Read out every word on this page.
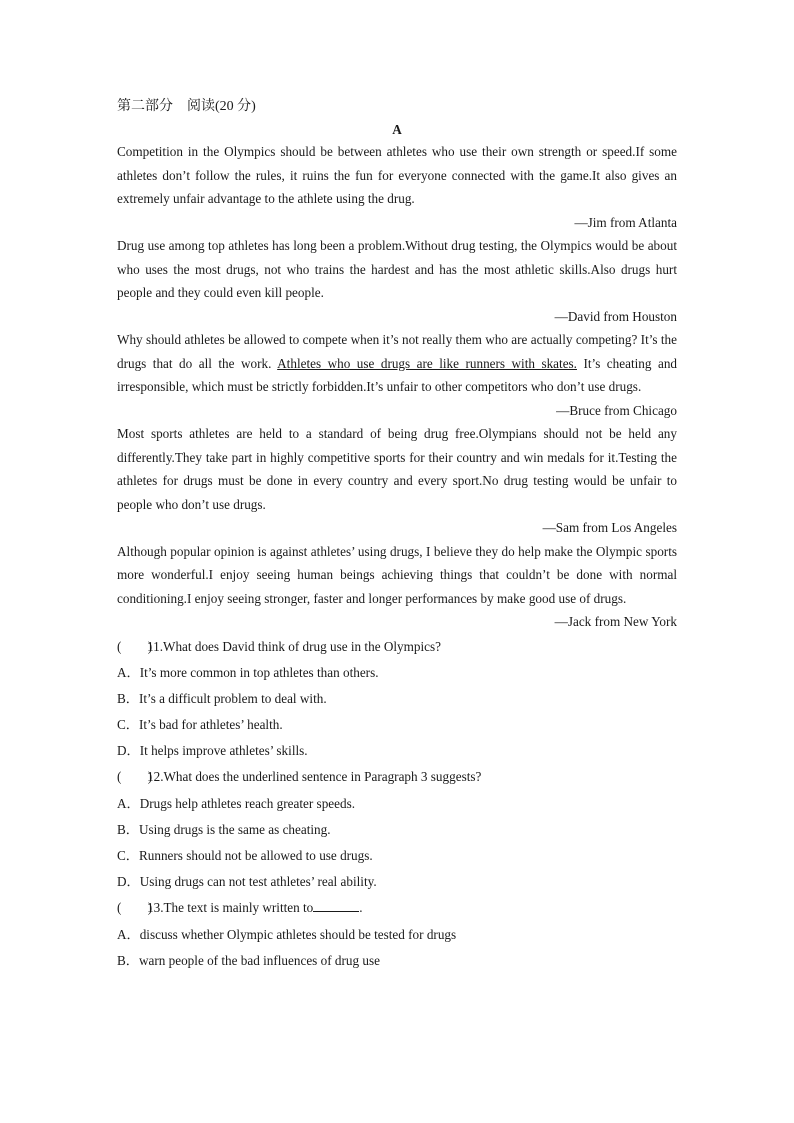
第二部分　阅读(20 分)
A
Competition in the Olympics should be between athletes who use their own strength or speed.If some athletes don’t follow the rules, it ruins the fun for everyone connected with the game.It also gives an extremely unfair advantage to the athlete using the drug.
—Jim from Atlanta
Drug use among top athletes has long been a problem.Without drug testing, the Olympics would be about who uses the most drugs, not who trains the hardest and has the most athletic skills.Also drugs hurt people and they could even kill people.
—David from Houston
Why should athletes be allowed to compete when it’s not really them who are actually competing? It’s the drugs that do all the work. Athletes who use drugs are like runners with skates. It’s cheating and irresponsible, which must be strictly forbidden.It’s unfair to other competitors who don’t use drugs.
—Bruce from Chicago
Most sports athletes are held to a standard of being drug free.Olympians should not be held any differently.They take part in highly competitive sports for their country and win medals for it.Testing the athletes for drugs must be done in every country and every sport.No drug testing would be unfair to people who don’t use drugs.
—Sam from Los Angeles
Although popular opinion is against athletes’ using drugs, I believe they do help make the Olympic sports more wonderful.I enjoy seeing human beings achieving things that couldn’t be done with normal conditioning.I enjoy seeing stronger, faster and longer performances by make good use of drugs.
—Jack from New York
(　　)11.What does David think of drug use in the Olympics?
A．It’s more common in top athletes than others.
B．It’s a difficult problem to deal with.
C．It’s bad for athletes’ health.
D．It helps improve athletes’ skills.
(　　)12.What does the underlined sentence in Paragraph 3 suggests?
A．Drugs help athletes reach greater speeds.
B．Using drugs is the same as cheating.
C．Runners should not be allowed to use drugs.
D．Using drugs can not test athletes’ real ability.
(　　)13.The text is mainly written to	.
A．discuss whether Olympic athletes should be tested for drugs
B．warn people of the bad influences of drug use
